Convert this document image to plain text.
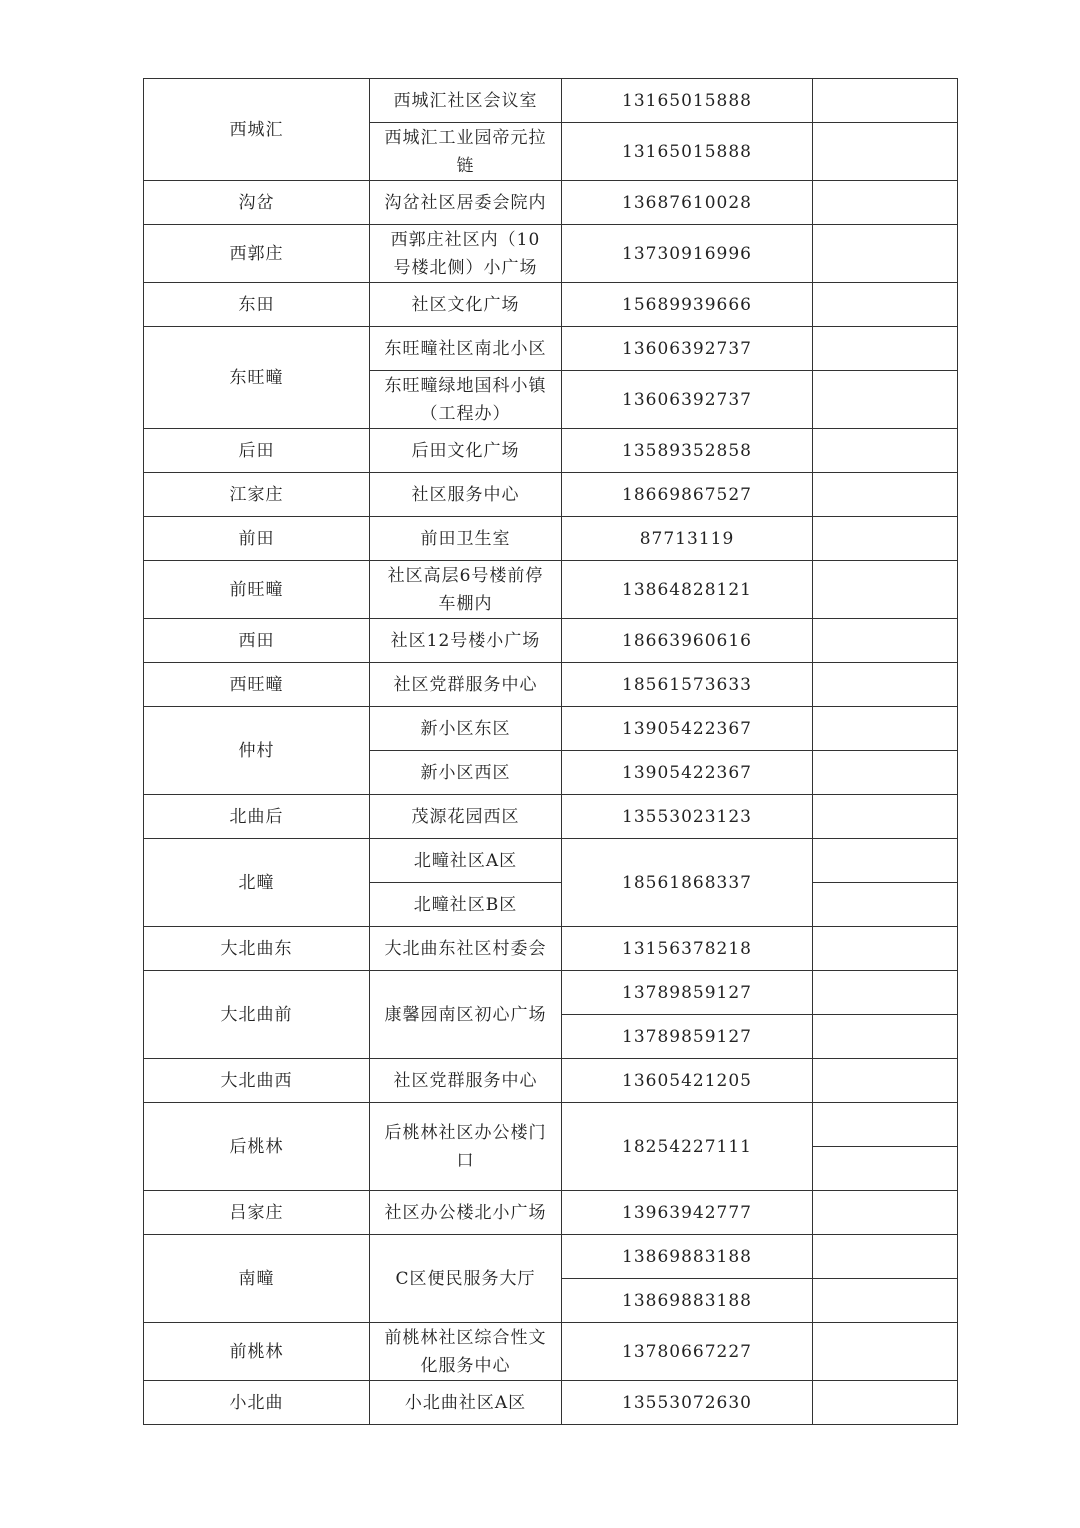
西城汇	西城汇社区会议室	13165015888	
	西城汇工业园帝元拉链	13165015888	
沟岔	沟岔社区居委会院内	13687610028	
西郭庄	西郭庄社区内（10号楼北侧）小广场	13730916996	
东田	社区文化广场	15689939666	
东旺疃	东旺疃社区南北小区	13606392737	
	东旺疃绿地国科小镇（工程办）	13606392737	
后田	后田文化广场	13589352858	
江家庄	社区服务中心	18669867527	
前田	前田卫生室	87713119	
前旺疃	社区高层6号楼前停车棚内	13864828121	
西田	社区12号楼小广场	18663960616	
西旺疃	社区党群服务中心	18561573633	
仲村	新小区东区	13905422367	
	新小区西区	13905422367	
北曲后	茂源花园西区	13553023123	
北疃	北疃社区A区	18561868337	
	北疃社区B区		
大北曲东	大北曲东社区村委会	13156378218	
大北曲前	康馨园南区初心广场	13789859127	
		13789859127	
大北曲西	社区党群服务中心	13605421205	
后桃林	后桃林社区办公楼门口	18254227111	

吕家庄	社区办公楼北小广场	13963942777	
南疃	C区便民服务大厅	13869883188	
		13869883188	
前桃林	前桃林社区综合性文化服务中心	13780667227	
小北曲	小北曲社区A区	13553072630	
